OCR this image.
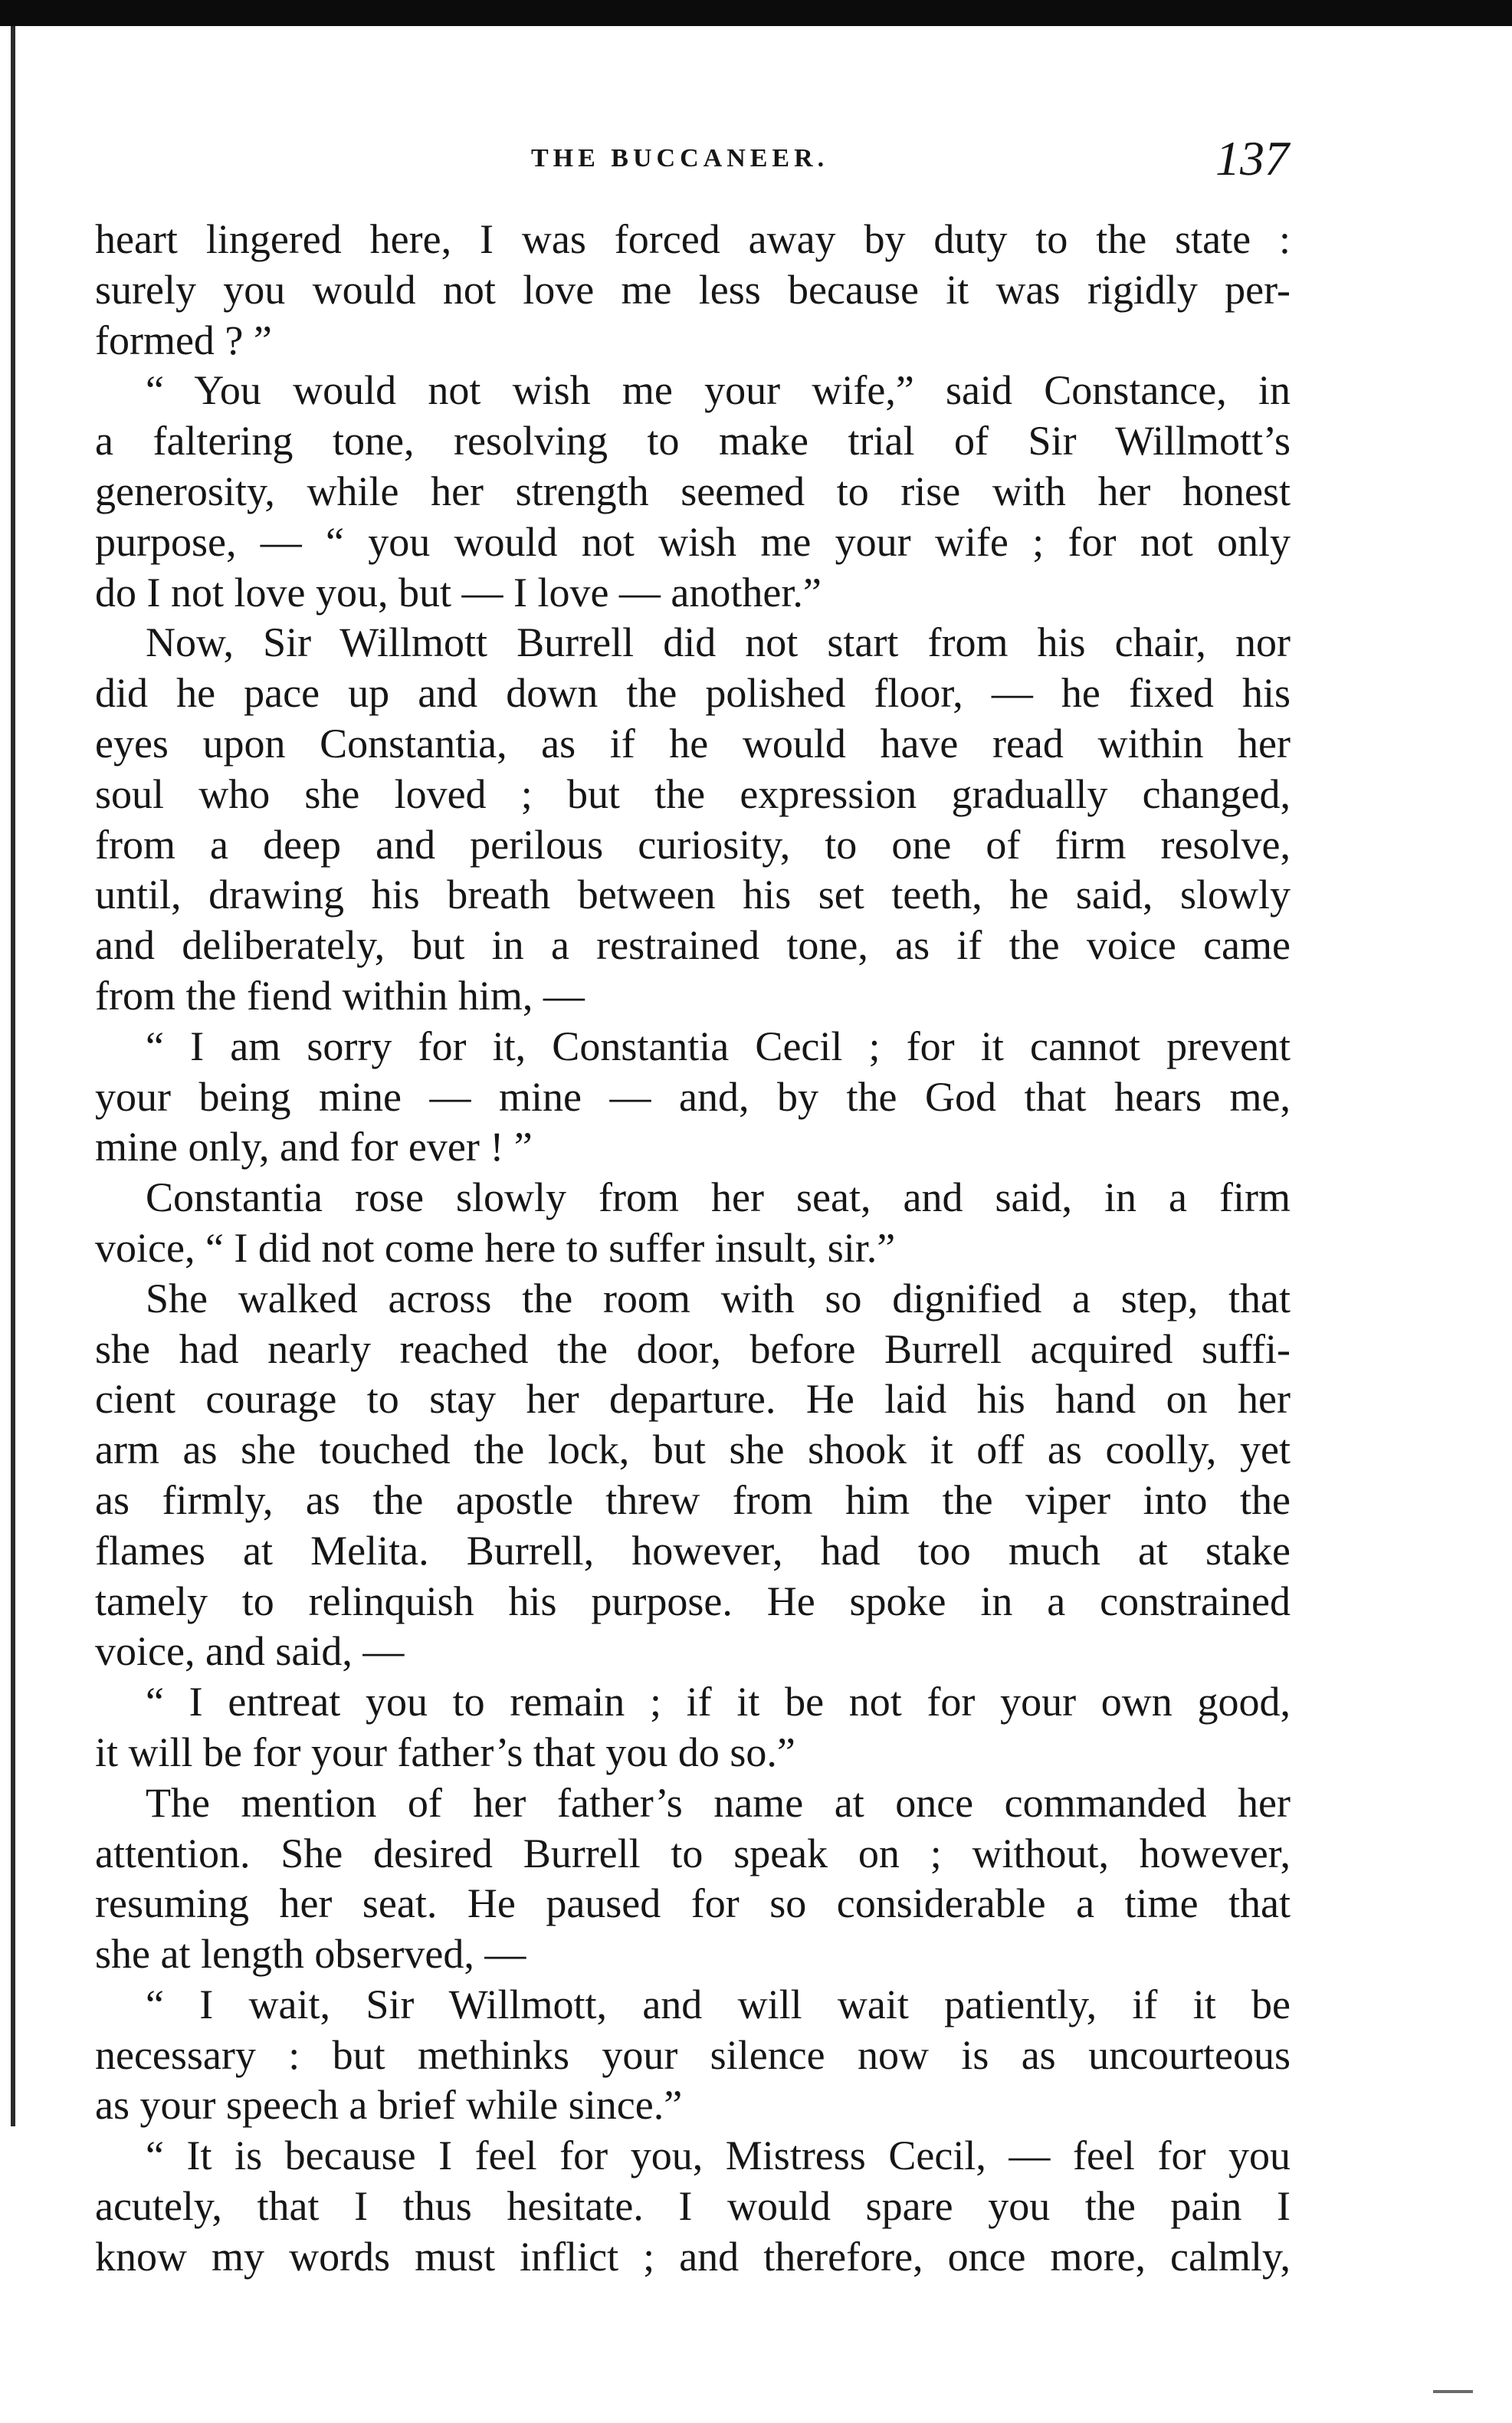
THE BUCCANEER.	137
heart lingered here, I was forced away by duty to the state :
surely you would not love me less because it was rigidly per-
formed ? ”
“ You would not wish me your wife,” said Constance, in
a faltering tone, resolving to make trial of Sir Willmott’s
generosity, while her strength seemed to rise with her honest
purpose, — “ you would not wish me your wife ; for not only
do I not love you, but — I love — another.”
Now, Sir Willmott Burrell did not start from his chair, nor
did he pace up and down the polished floor, — he fixed his
eyes upon Constantia, as if he would have read within her
soul who she loved ; but the expression gradually changed,
from a deep and perilous curiosity, to one of firm resolve,
until, drawing his breath between his set teeth, he said, slowly
and deliberately, but in a restrained tone, as if the voice came
from the fiend within him, —
“ I am sorry for it, Constantia Cecil ; for it cannot prevent
your being mine — mine — and, by the God that hears me,
mine only, and for ever ! ”
Constantia rose slowly from her seat, and said, in a firm
voice, “ I did not come here to suffer insult, sir.”
She walked across the room with so dignified a step, that
she had nearly reached the door, before Burrell acquired suffi-
cient courage to stay her departure. He laid his hand on her
arm as she touched the lock, but she shook it off as coolly, yet
as firmly, as the apostle threw from him the viper into the
flames at Melita. Burrell, however, had too much at stake
tamely to relinquish his purpose. He spoke in a constrained
voice, and said, —
“ I entreat you to remain ; if it be not for your own good,
it will be for your father’s that you do so.”
The mention of her father’s name at once commanded her
attention. She desired Burrell to speak on ; without, however,
resuming her seat. He paused for so considerable a time that
she at length observed, —
“ I wait, Sir Willmott, and will wait patiently, if it be
necessary : but methinks your silence now is as uncourteous
as your speech a brief while since.”
“ It is because I feel for you, Mistress Cecil, — feel for you
acutely, that I thus hesitate. I would spare you the pain I
know my words must inflict ; and therefore, once more, calmly,
